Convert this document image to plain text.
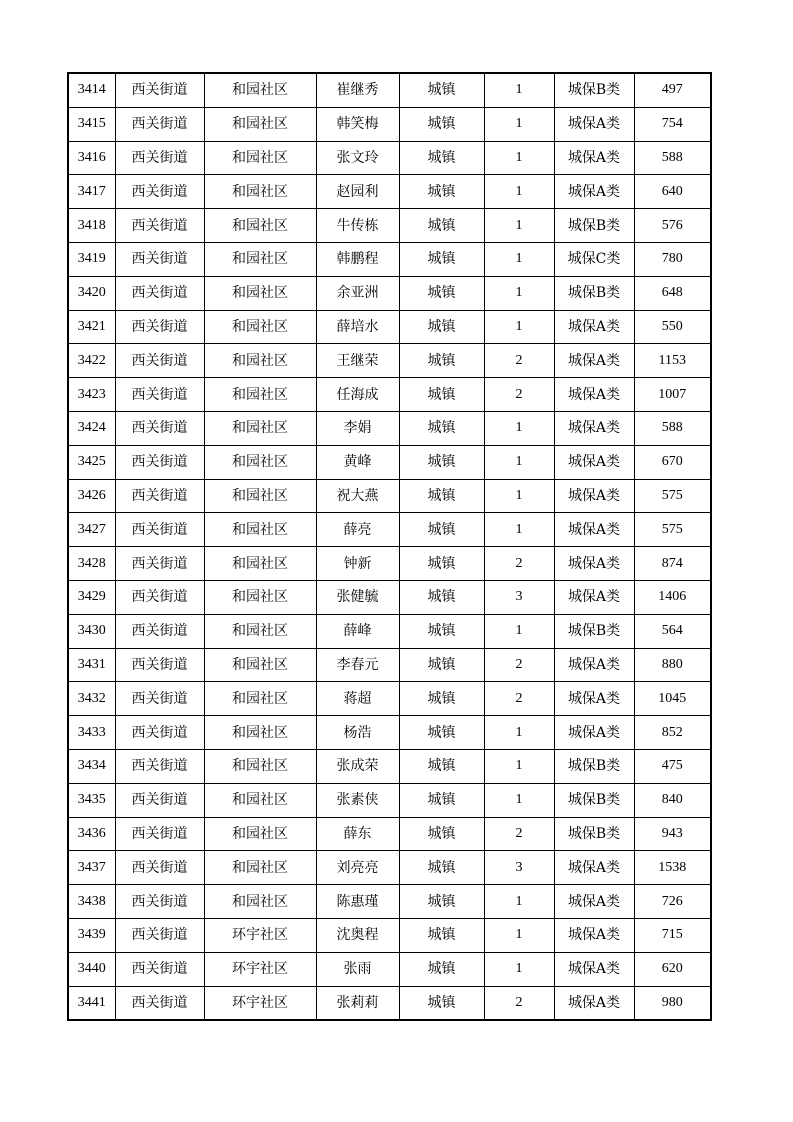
3414	西关街道	和园社区	崔继秀	城镇	1	城保B类	497
3415	西关街道	和园社区	韩笑梅	城镇	1	城保A类	754
3416	西关街道	和园社区	张文玲	城镇	1	城保A类	588
3417	西关街道	和园社区	赵园利	城镇	1	城保A类	640
3418	西关街道	和园社区	牛传栋	城镇	1	城保B类	576
3419	西关街道	和园社区	韩鹏程	城镇	1	城保C类	780
3420	西关街道	和园社区	余亚洲	城镇	1	城保B类	648
3421	西关街道	和园社区	薛培水	城镇	1	城保A类	550
3422	西关街道	和园社区	王继荣	城镇	2	城保A类	1153
3423	西关街道	和园社区	任海成	城镇	2	城保A类	1007
3424	西关街道	和园社区	李娟	城镇	1	城保A类	588
3425	西关街道	和园社区	黄峰	城镇	1	城保A类	670
3426	西关街道	和园社区	祝大燕	城镇	1	城保A类	575
3427	西关街道	和园社区	薛亮	城镇	1	城保A类	575
3428	西关街道	和园社区	钟新	城镇	2	城保A类	874
3429	西关街道	和园社区	张健毓	城镇	3	城保A类	1406
3430	西关街道	和园社区	薛峰	城镇	1	城保B类	564
3431	西关街道	和园社区	李春元	城镇	2	城保A类	880
3432	西关街道	和园社区	蒋超	城镇	2	城保A类	1045
3433	西关街道	和园社区	杨浩	城镇	1	城保A类	852
3434	西关街道	和园社区	张成荣	城镇	1	城保B类	475
3435	西关街道	和园社区	张素侠	城镇	1	城保B类	840
3436	西关街道	和园社区	薛东	城镇	2	城保B类	943
3437	西关街道	和园社区	刘亮亮	城镇	3	城保A类	1538
3438	西关街道	和园社区	陈惠瑾	城镇	1	城保A类	726
3439	西关街道	环宇社区	沈奥程	城镇	1	城保A类	715
3440	西关街道	环宇社区	张雨	城镇	1	城保A类	620
3441	西关街道	环宇社区	张莉莉	城镇	2	城保A类	980
